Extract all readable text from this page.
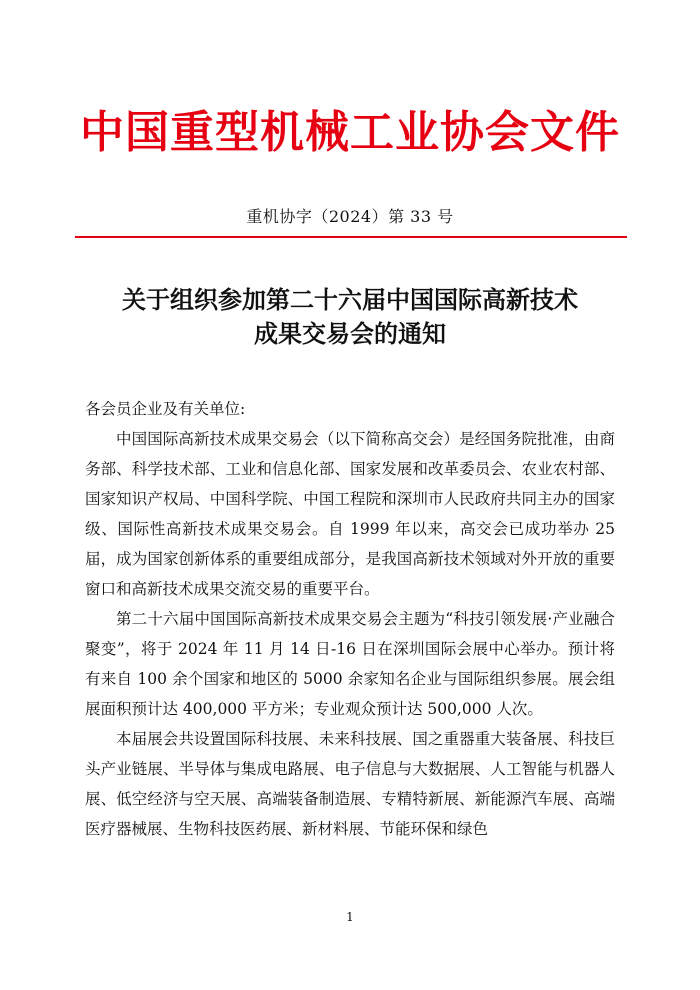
中国重型机械工业协会文件
重机协字（2024）第 33 号
关于组织参加第二十六届中国国际高新技术
成果交易会的通知

各会员企业及有关单位:

中国国际高新技术成果交易会（以下简称高交会）是经国务院批准，由商务部、科学技术部、工业和信息化部、国家发展和改革委员会、农业农村部、国家知识产权局、中国科学院、中国工程院和深圳市人民政府共同主办的国家级、国际性高新技术成果交易会。自 1999 年以来，高交会已成功举办 25 届，成为国家创新体系的重要组成部分，是我国高新技术领域对外开放的重要窗口和高新技术成果交流交易的重要平台。

第二十六届中国国际高新技术成果交易会主题为“科技引领发展·产业融合聚变”，将于 2024 年 11 月 14 日-16 日在深圳国际会展中心举办。预计将有来自 100 余个国家和地区的 5000 余家知名企业与国际组织参展。展会组展面积预计达 400,000 平方米；专业观众预计达 500,000 人次。

本届展会共设置国际科技展、未来科技展、国之重器重大装备展、科技巨头产业链展、半导体与集成电路展、电子信息与大数据展、人工智能与机器人展、低空经济与空天展、高端装备制造展、专精特新展、新能源汽车展、高端医疗器械展、生物科技医药展、新材料展、节能环保和绿色

1
